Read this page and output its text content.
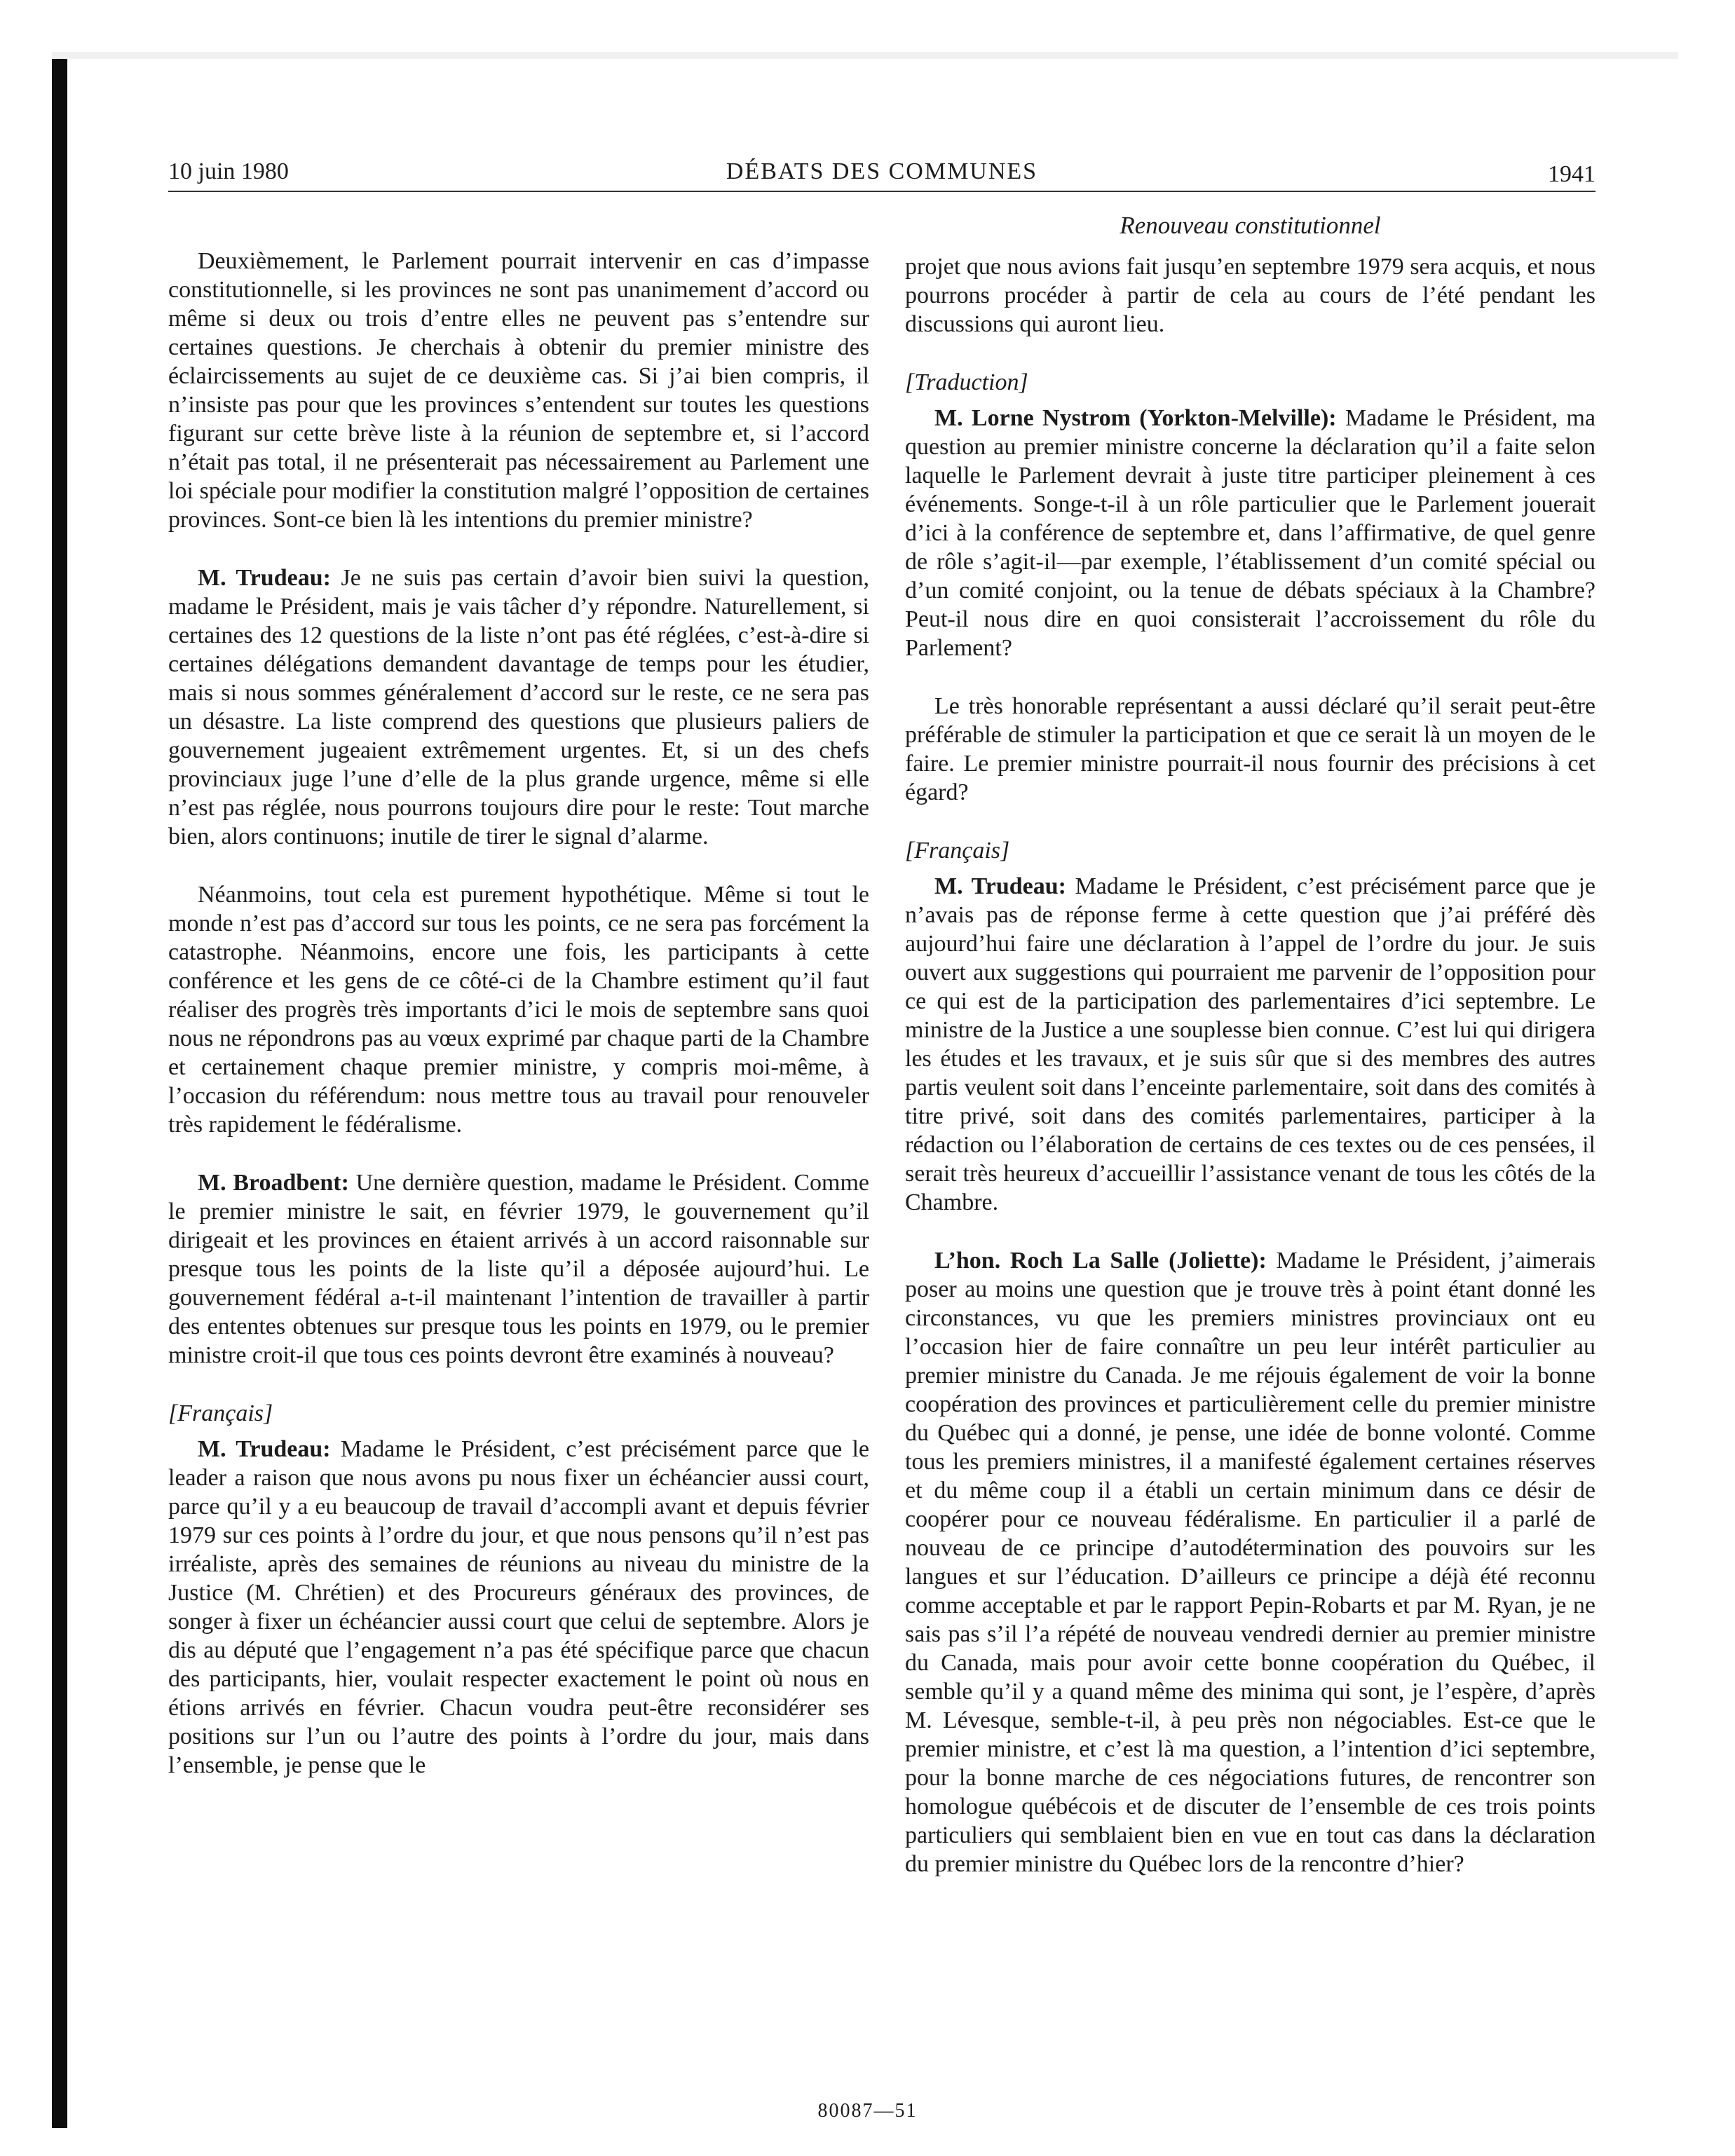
10 juin 1980	DÉBATS DES COMMUNES	1941
Renouveau constitutionnel

Deuxièmement, le Parlement pourrait intervenir en cas d’impasse constitutionnelle, si les provinces ne sont pas unanimement d’accord ou même si deux ou trois d’entre elles ne peuvent pas s’entendre sur certaines questions. Je cherchais à obtenir du premier ministre des éclaircissements au sujet de ce deuxième cas. Si j’ai bien compris, il n’insiste pas pour que les provinces s’entendent sur toutes les questions figurant sur cette brève liste à la réunion de septembre et, si l’accord n’était pas total, il ne présenterait pas nécessairement au Parlement une loi spéciale pour modifier la constitution malgré l’opposition de certaines provinces. Sont-ce bien là les intentions du premier ministre?

M. Trudeau: Je ne suis pas certain d’avoir bien suivi la question, madame le Président, mais je vais tâcher d’y répondre. Naturellement, si certaines des 12 questions de la liste n’ont pas été réglées, c’est-à-dire si certaines délégations demandent davantage de temps pour les étudier, mais si nous sommes généralement d’accord sur le reste, ce ne sera pas un désastre. La liste comprend des questions que plusieurs paliers de gouvernement jugeaient extrêmement urgentes. Et, si un des chefs provinciaux juge l’une d’elle de la plus grande urgence, même si elle n’est pas réglée, nous pourrons toujours dire pour le reste: Tout marche bien, alors continuons; inutile de tirer le signal d’alarme.

Néanmoins, tout cela est purement hypothétique. Même si tout le monde n’est pas d’accord sur tous les points, ce ne sera pas forcément la catastrophe. Néanmoins, encore une fois, les participants à cette conférence et les gens de ce côté-ci de la Chambre estiment qu’il faut réaliser des progrès très importants d’ici le mois de septembre sans quoi nous ne répondrons pas au vœux exprimé par chaque parti de la Chambre et certainement chaque premier ministre, y compris moi-même, à l’occasion du référendum: nous mettre tous au travail pour renouveler très rapidement le fédéralisme.

M. Broadbent: Une dernière question, madame le Président. Comme le premier ministre le sait, en février 1979, le gouvernement qu’il dirigeait et les provinces en étaient arrivés à un accord raisonnable sur presque tous les points de la liste qu’il a déposée aujourd’hui. Le gouvernement fédéral a-t-il maintenant l’intention de travailler à partir des ententes obtenues sur presque tous les points en 1979, ou le premier ministre croit-il que tous ces points devront être examinés à nouveau?

[Français]

M. Trudeau: Madame le Président, c’est précisément parce que le leader a raison que nous avons pu nous fixer un échéancier aussi court, parce qu’il y a eu beaucoup de travail d’accompli avant et depuis février 1979 sur ces points à l’ordre du jour, et que nous pensons qu’il n’est pas irréaliste, après des semaines de réunions au niveau du ministre de la Justice (M. Chrétien) et des Procureurs généraux des provinces, de songer à fixer un échéancier aussi court que celui de septembre. Alors je dis au député que l’engagement n’a pas été spécifique parce que chacun des participants, hier, voulait respecter exactement le point où nous en étions arrivés en février. Chacun voudra peut-être reconsidérer ses positions sur l’un ou l’autre des points à l’ordre du jour, mais dans l’ensemble, je pense que le

projet que nous avions fait jusqu’en septembre 1979 sera acquis, et nous pourrons procéder à partir de cela au cours de l’été pendant les discussions qui auront lieu.

[Traduction]

M. Lorne Nystrom (Yorkton-Melville): Madame le Président, ma question au premier ministre concerne la déclaration qu’il a faite selon laquelle le Parlement devrait à juste titre participer pleinement à ces événements. Songe-t-il à un rôle particulier que le Parlement jouerait d’ici à la conférence de septembre et, dans l’affirmative, de quel genre de rôle s’agit-il—par exemple, l’établissement d’un comité spécial ou d’un comité conjoint, ou la tenue de débats spéciaux à la Chambre? Peut-il nous dire en quoi consisterait l’accroissement du rôle du Parlement?

Le très honorable représentant a aussi déclaré qu’il serait peut-être préférable de stimuler la participation et que ce serait là un moyen de le faire. Le premier ministre pourrait-il nous fournir des précisions à cet égard?

[Français]

M. Trudeau: Madame le Président, c’est précisément parce que je n’avais pas de réponse ferme à cette question que j’ai préféré dès aujourd’hui faire une déclaration à l’appel de l’ordre du jour. Je suis ouvert aux suggestions qui pourraient me parvenir de l’opposition pour ce qui est de la participation des parlementaires d’ici septembre. Le ministre de la Justice a une souplesse bien connue. C’est lui qui dirigera les études et les travaux, et je suis sûr que si des membres des autres partis veulent soit dans l’enceinte parlementaire, soit dans des comités à titre privé, soit dans des comités parlementaires, participer à la rédaction ou l’élaboration de certains de ces textes ou de ces pensées, il serait très heureux d’accueillir l’assistance venant de tous les côtés de la Chambre.

L’hon. Roch La Salle (Joliette): Madame le Président, j’aimerais poser au moins une question que je trouve très à point étant donné les circonstances, vu que les premiers ministres provinciaux ont eu l’occasion hier de faire connaître un peu leur intérêt particulier au premier ministre du Canada. Je me réjouis également de voir la bonne coopération des provinces et particulièrement celle du premier ministre du Québec qui a donné, je pense, une idée de bonne volonté. Comme tous les premiers ministres, il a manifesté également certaines réserves et du même coup il a établi un certain minimum dans ce désir de coopérer pour ce nouveau fédéralisme. En particulier il a parlé de nouveau de ce principe d’autodétermination des pouvoirs sur les langues et sur l’éducation. D’ailleurs ce principe a déjà été reconnu comme acceptable et par le rapport Pepin-Robarts et par M. Ryan, je ne sais pas s’il l’a répété de nouveau vendredi dernier au premier ministre du Canada, mais pour avoir cette bonne coopération du Québec, il semble qu’il y a quand même des minima qui sont, je l’espère, d’après M. Lévesque, semble-t-il, à peu près non négociables. Est-ce que le premier ministre, et c’est là ma question, a l’intention d’ici septembre, pour la bonne marche de ces négociations futures, de rencontrer son homologue québécois et de discuter de l’ensemble de ces trois points particuliers qui semblaient bien en vue en tout cas dans la déclaration du premier ministre du Québec lors de la rencontre d’hier?

80087—51
